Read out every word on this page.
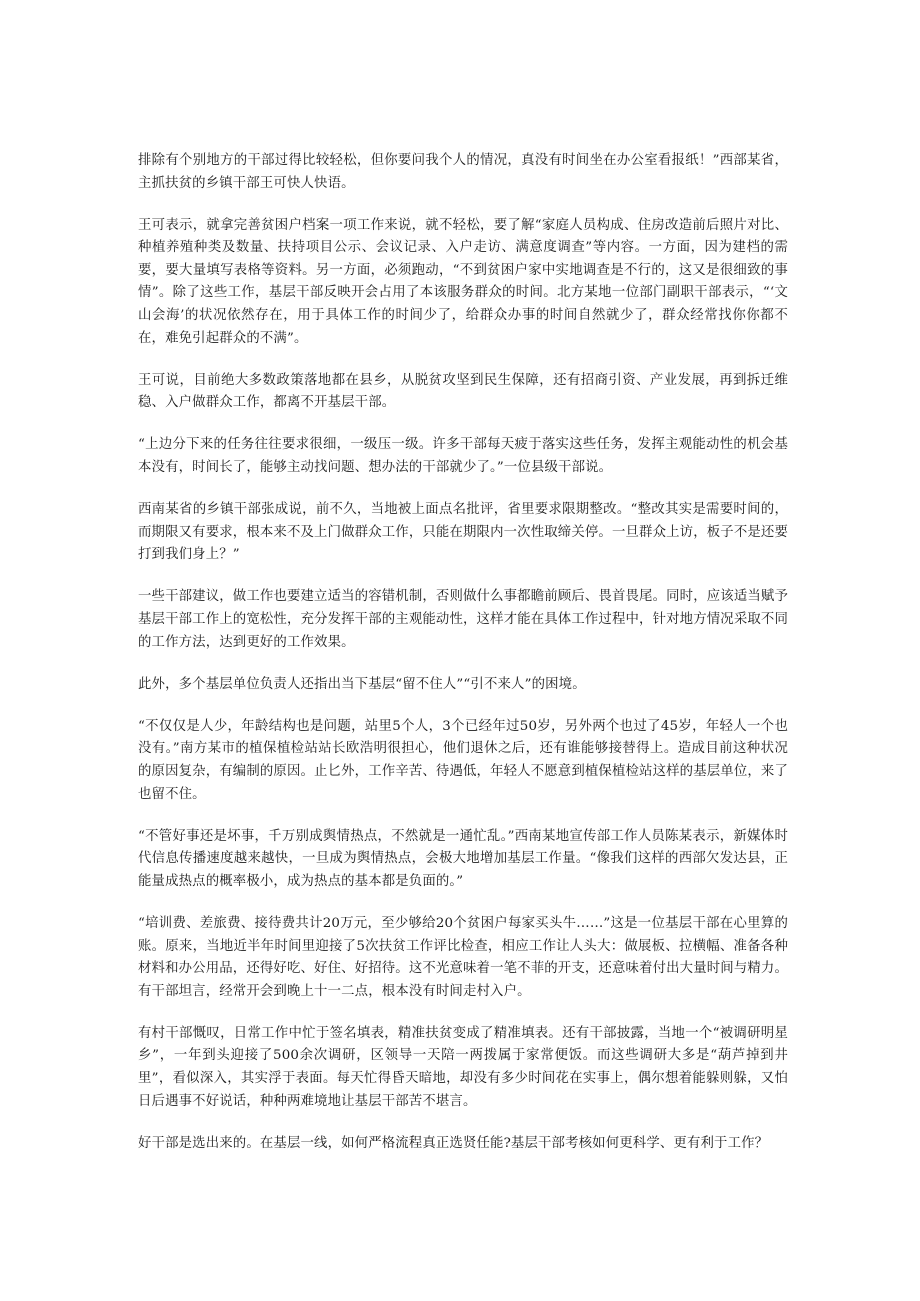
排除有个别地方的干部过得比较轻松，但你要问我个人的情况，真没有时间坐在办公室看报纸！”西部某省，主抓扶贫的乡镇干部王可快人快语。

王可表示，就拿完善贫困户档案一项工作来说，就不轻松，要了解“家庭人员构成、住房改造前后照片对比、种植养殖种类及数量、扶持项目公示、会议记录、入户走访、满意度调查”等内容。一方面，因为建档的需要，要大量填写表格等资料。另一方面，必须跑动，“不到贫困户家中实地调查是不行的，这又是很细致的事情”。除了这些工作，基层干部反映开会占用了本该服务群众的时间。北方某地一位部门副职干部表示，“‘文山会海’的状况依然存在，用于具体工作的时间少了，给群众办事的时间自然就少了，群众经常找你你都不在，难免引起群众的不满”。

王可说，目前绝大多数政策落地都在县乡，从脱贫攻坚到民生保障，还有招商引资、产业发展，再到拆迁维稳、入户做群众工作，都离不开基层干部。

“上边分下来的任务往往要求很细，一级压一级。许多干部每天疲于落实这些任务，发挥主观能动性的机会基本没有，时间长了，能够主动找问题、想办法的干部就少了。”一位县级干部说。

西南某省的乡镇干部张成说，前不久，当地被上面点名批评，省里要求限期整改。“整改其实是需要时间的，而期限又有要求，根本来不及上门做群众工作，只能在期限内一次性取缔关停。一旦群众上访，板子不是还要打到我们身上？”

一些干部建议，做工作也要建立适当的容错机制，否则做什么事都瞻前顾后、畏首畏尾。同时，应该适当赋予基层干部工作上的宽松性，充分发挥干部的主观能动性，这样才能在具体工作过程中，针对地方情况采取不同的工作方法，达到更好的工作效果。

此外，多个基层单位负责人还指出当下基层“留不住人”“引不来人”的困境。

“不仅仅是人少，年龄结构也是问题，站里5个人，3个已经年过50岁，另外两个也过了45岁，年轻人一个也没有。”南方某市的植保植检站站长欧浩明很担心，他们退休之后，还有谁能够接替得上。造成目前这种状况的原因复杂，有编制的原因。止匕外，工作辛苦、待遇低，年轻人不愿意到植保植检站这样的基层单位，来了也留不住。

“不管好事还是坏事，千万别成舆情热点，不然就是一通忙乱。”西南某地宣传部工作人员陈某表示，新媒体时代信息传播速度越来越快，一旦成为舆情热点，会极大地增加基层工作量。“像我们这样的西部欠发达县，正能量成热点的概率极小，成为热点的基本都是负面的。”

“培训费、差旅费、接待费共计20万元，至少够给20个贫困户每家买头牛……”这是一位基层干部在心里算的账。原来，当地近半年时间里迎接了5次扶贫工作评比检查，相应工作让人头大：做展板、拉横幅、准备各种材料和办公用品，还得好吃、好住、好招待。这不光意味着一笔不菲的开支，还意味着付出大量时间与精力。有干部坦言，经常开会到晚上十一二点，根本没有时间走村入户。

有村干部慨叹，日常工作中忙于签名填表，精准扶贫变成了精准填表。还有干部披露，当地一个“被调研明星乡”，一年到头迎接了500余次调研，区领导一天陪一两拨属于家常便饭。而这些调研大多是“葫芦掉到井里”，看似深入，其实浮于表面。每天忙得昏天暗地，却没有多少时间花在实事上，偶尔想着能躲则躲，又怕日后遇事不好说话，种种两难境地让基层干部苦不堪言。

好干部是选出来的。在基层一线，如何严格流程真正选贤任能?基层干部考核如何更科学、更有利于工作？
